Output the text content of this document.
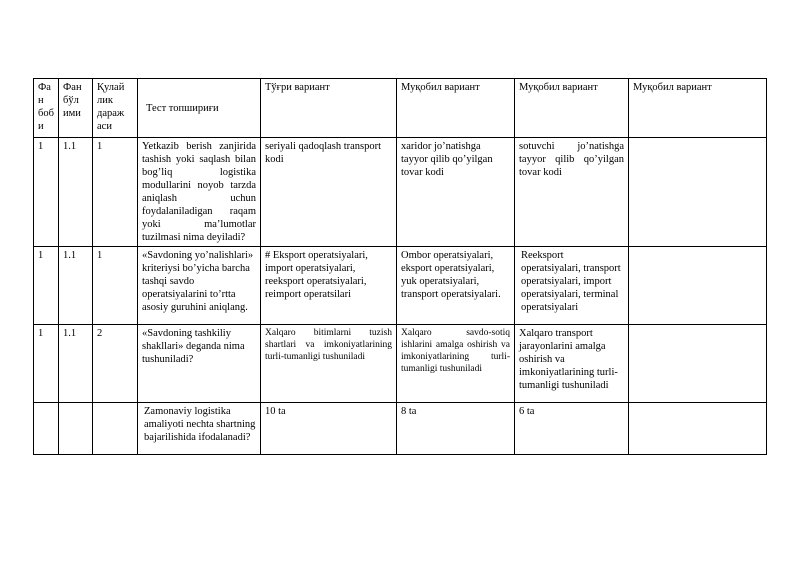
Фа н боб и	Фан бўл ими	Қулай лик дараж аси	Тест топшириғи	Тўғри вариант	Муқобил вариант	Муқобил вариант	Муқобил вариант
1	1.1	1	Yetkazib berish zanjirida tashish yoki saqlash bilan bog’liq logistika modullarini noyob tarzda aniqlash uchun foydalaniladigan raqam yoki ma’lumotlar tuzilmasi nima deyiladi?	seriyali qadoqlash transport kodi	xaridor jo’natishga tayyor qilib qo’yilgan tovar kodi	sotuvchi jo’natishga tayyor qilib qo’yilgan tovar kodi	
1	1.1	1	«Savdoning yo’nalishlari» kriteriysi bo’yicha barcha tashqi savdo operatsiyalarini to’rtta asosiy guruhini aniqlang.	# Eksport operatsiyalari, import operatsiyalari, reeksport operatsiyalari, reimport operatsilari	Ombor operatsiyalari, eksport operatsiyalari, yuk operatsiyalari, transport operatsiyalari.	Reeksport operatsiyalari, transport operatsiyalari, import operatsiyalari, terminal operatsiyalari	
1	1.1	2	«Savdoning tashkiliy shakllari» deganda nima tushuniladi?	Xalqaro bitimlarni tuzish shartlari va imkoniyatlarining turli-tumanligi tushuniladi	Xalqaro savdo-sotiq ishlarini amalga oshirish va imkoniyatlarining turli-tumanligi tushuniladi	Xalqaro transport jarayonlarini amalga oshirish va imkoniyatlarining turli-tumanligi tushuniladi	
			Zamonaviy logistika amaliyoti nechta shartning bajarilishida ifodalanadi?	10 ta	8 ta	6 ta	
